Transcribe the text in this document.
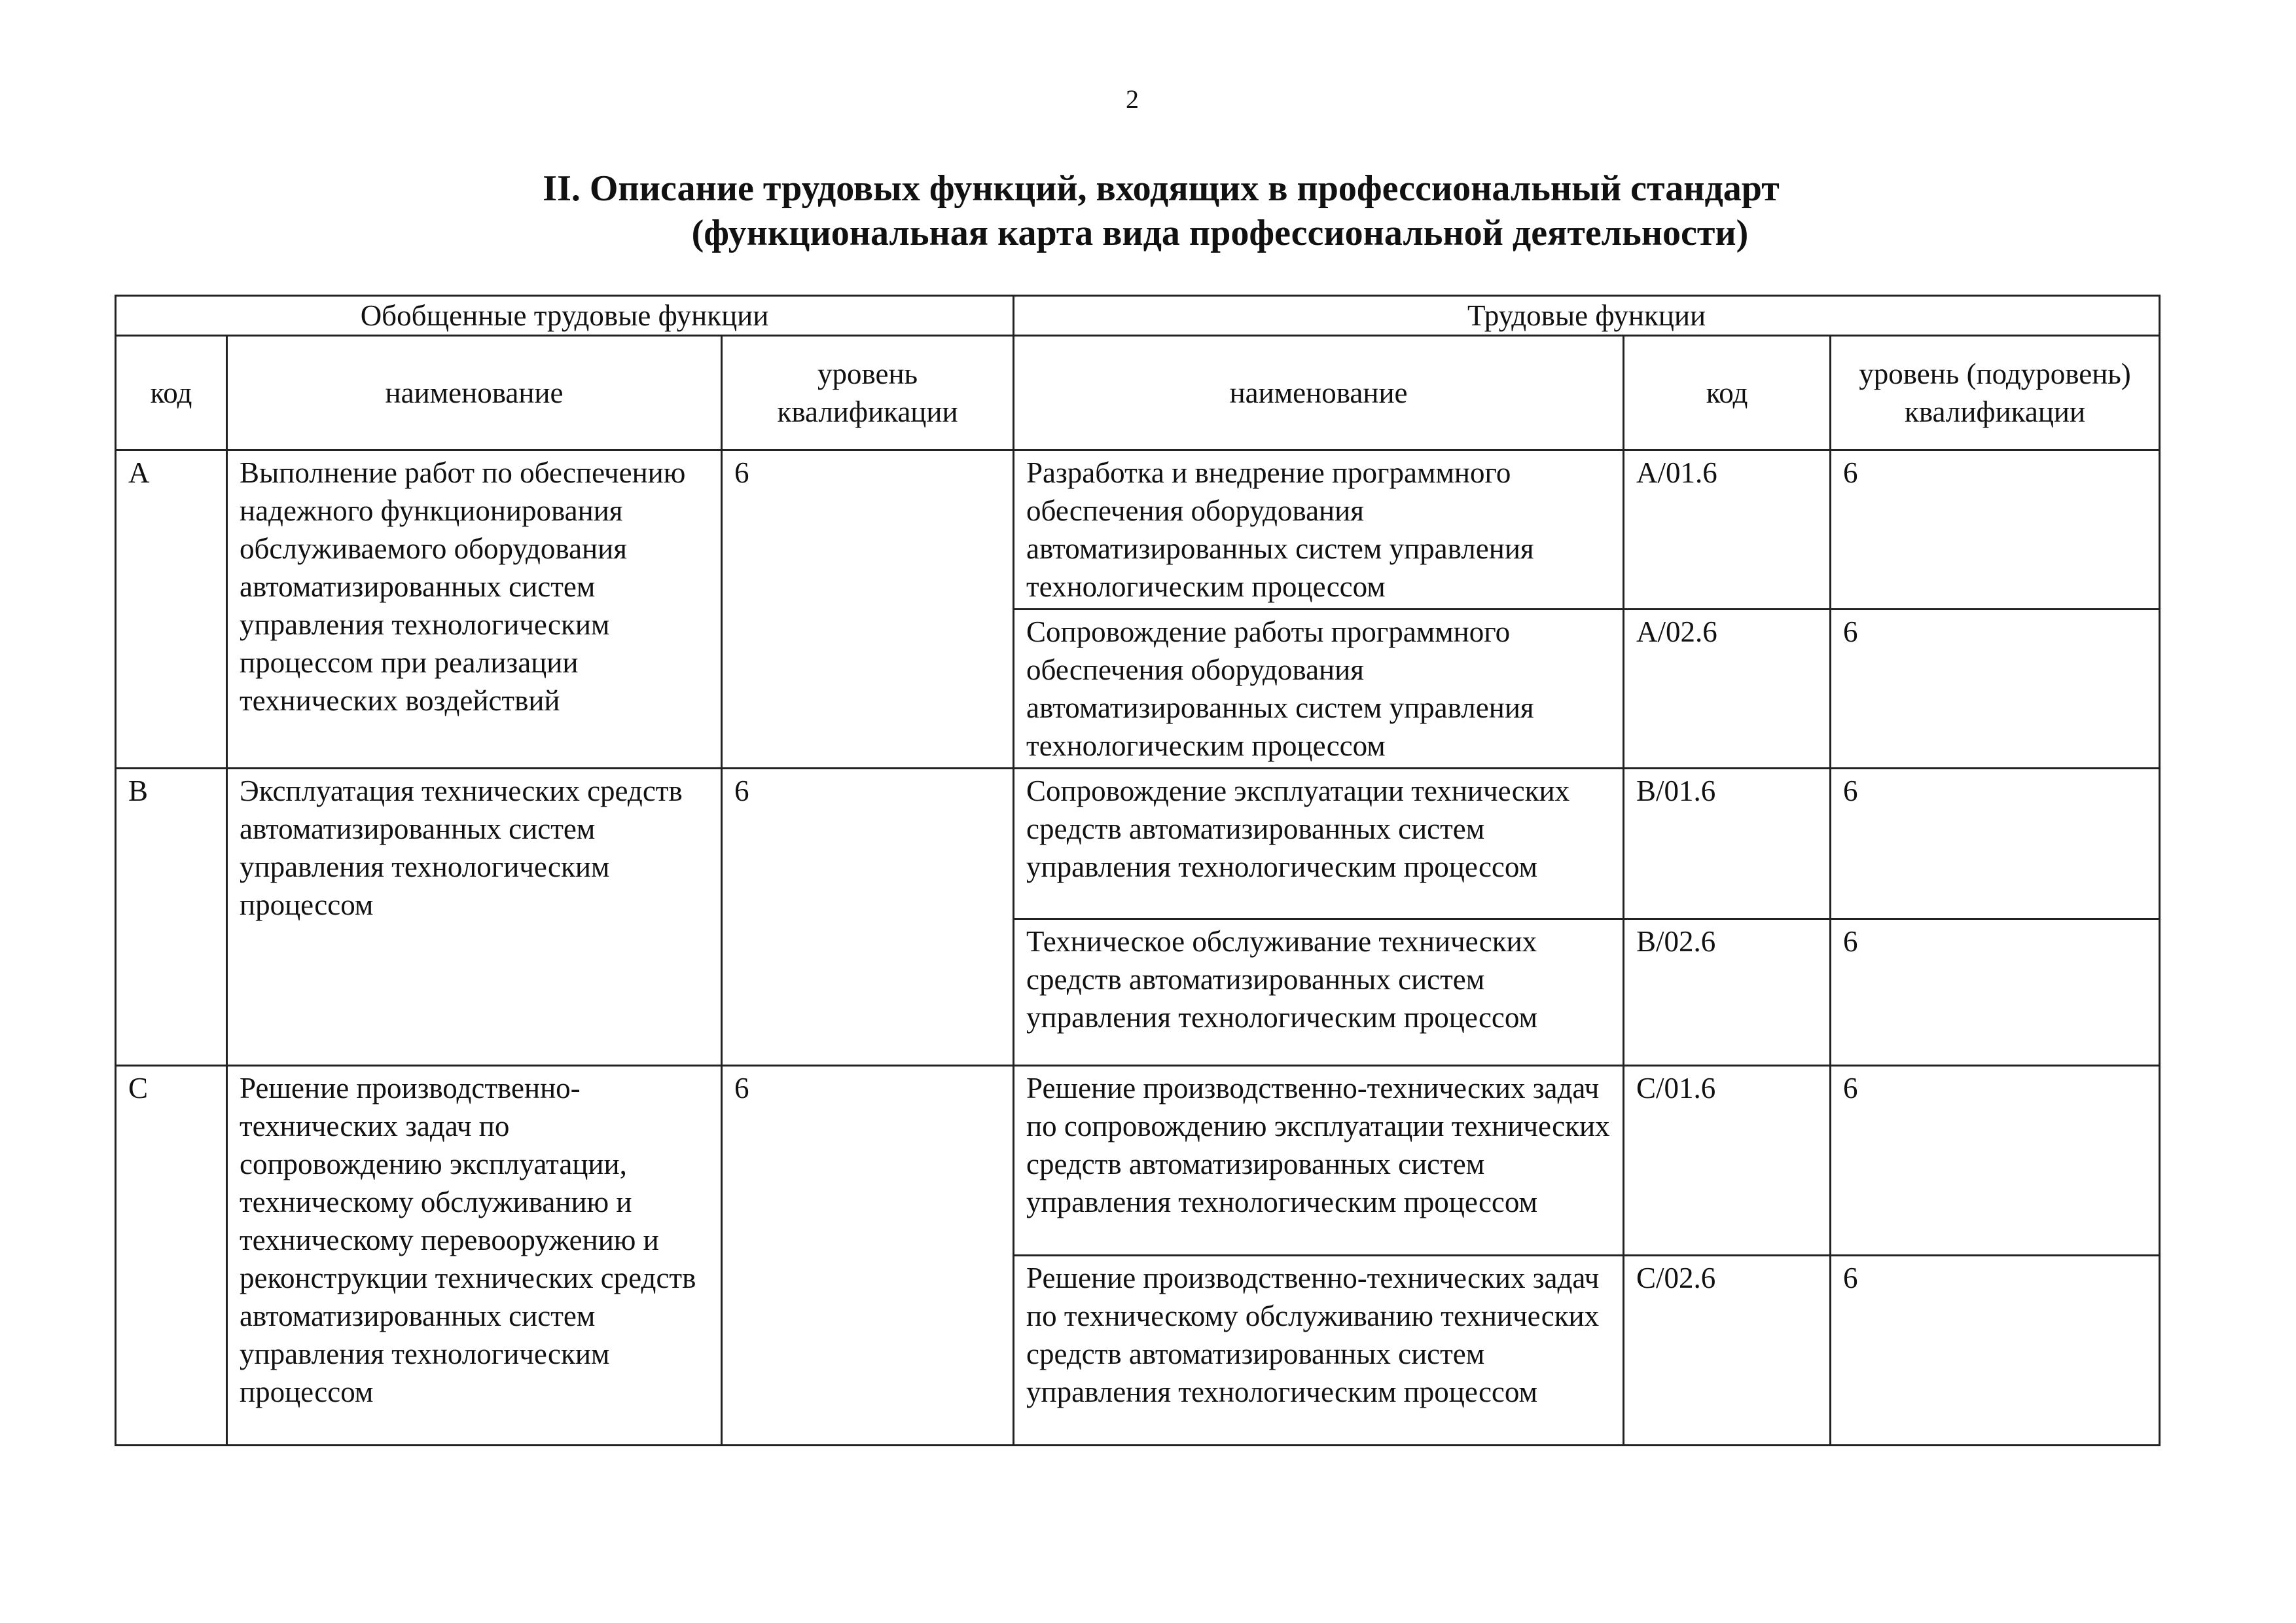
2
II. Описание трудовых функций, входящих в профессиональный стандарт
(функциональная карта вида профессиональной деятельности)
Обобщенные трудовые функции			Трудовые функции		
код	наименование	уровень квалификации	наименование	код	уровень (подуровень) квалификации
A	Выполнение работ по обеспечению надежного функционирования обслуживаемого оборудования автоматизированных систем управления технологическим процессом при реализации технических воздействий	6	Разработка и внедрение программного обеспечения оборудования автоматизированных систем управления технологическим процессом	A/01.6	6
			Сопровождение работы программного обеспечения оборудования автоматизированных систем управления технологическим процессом	A/02.6	6
B	Эксплуатация технических средств автоматизированных систем управления технологическим процессом	6	Сопровождение эксплуатации технических средств автоматизированных систем управления технологическим процессом	B/01.6	6
			Техническое обслуживание технических средств автоматизированных систем управления технологическим процессом	B/02.6	6
C	Решение производственно-технических задач по сопровождению эксплуатации, техническому обслуживанию и техническому перевооружению и реконструкции технических средств автоматизированных систем управления технологическим процессом	6	Решение производственно-технических задач по сопровождению эксплуатации технических средств автоматизированных систем управления технологическим процессом	C/01.6	6
			Решение производственно-технических задач по техническому обслуживанию технических средств автоматизированных систем управления технологическим процессом	C/02.6	6
